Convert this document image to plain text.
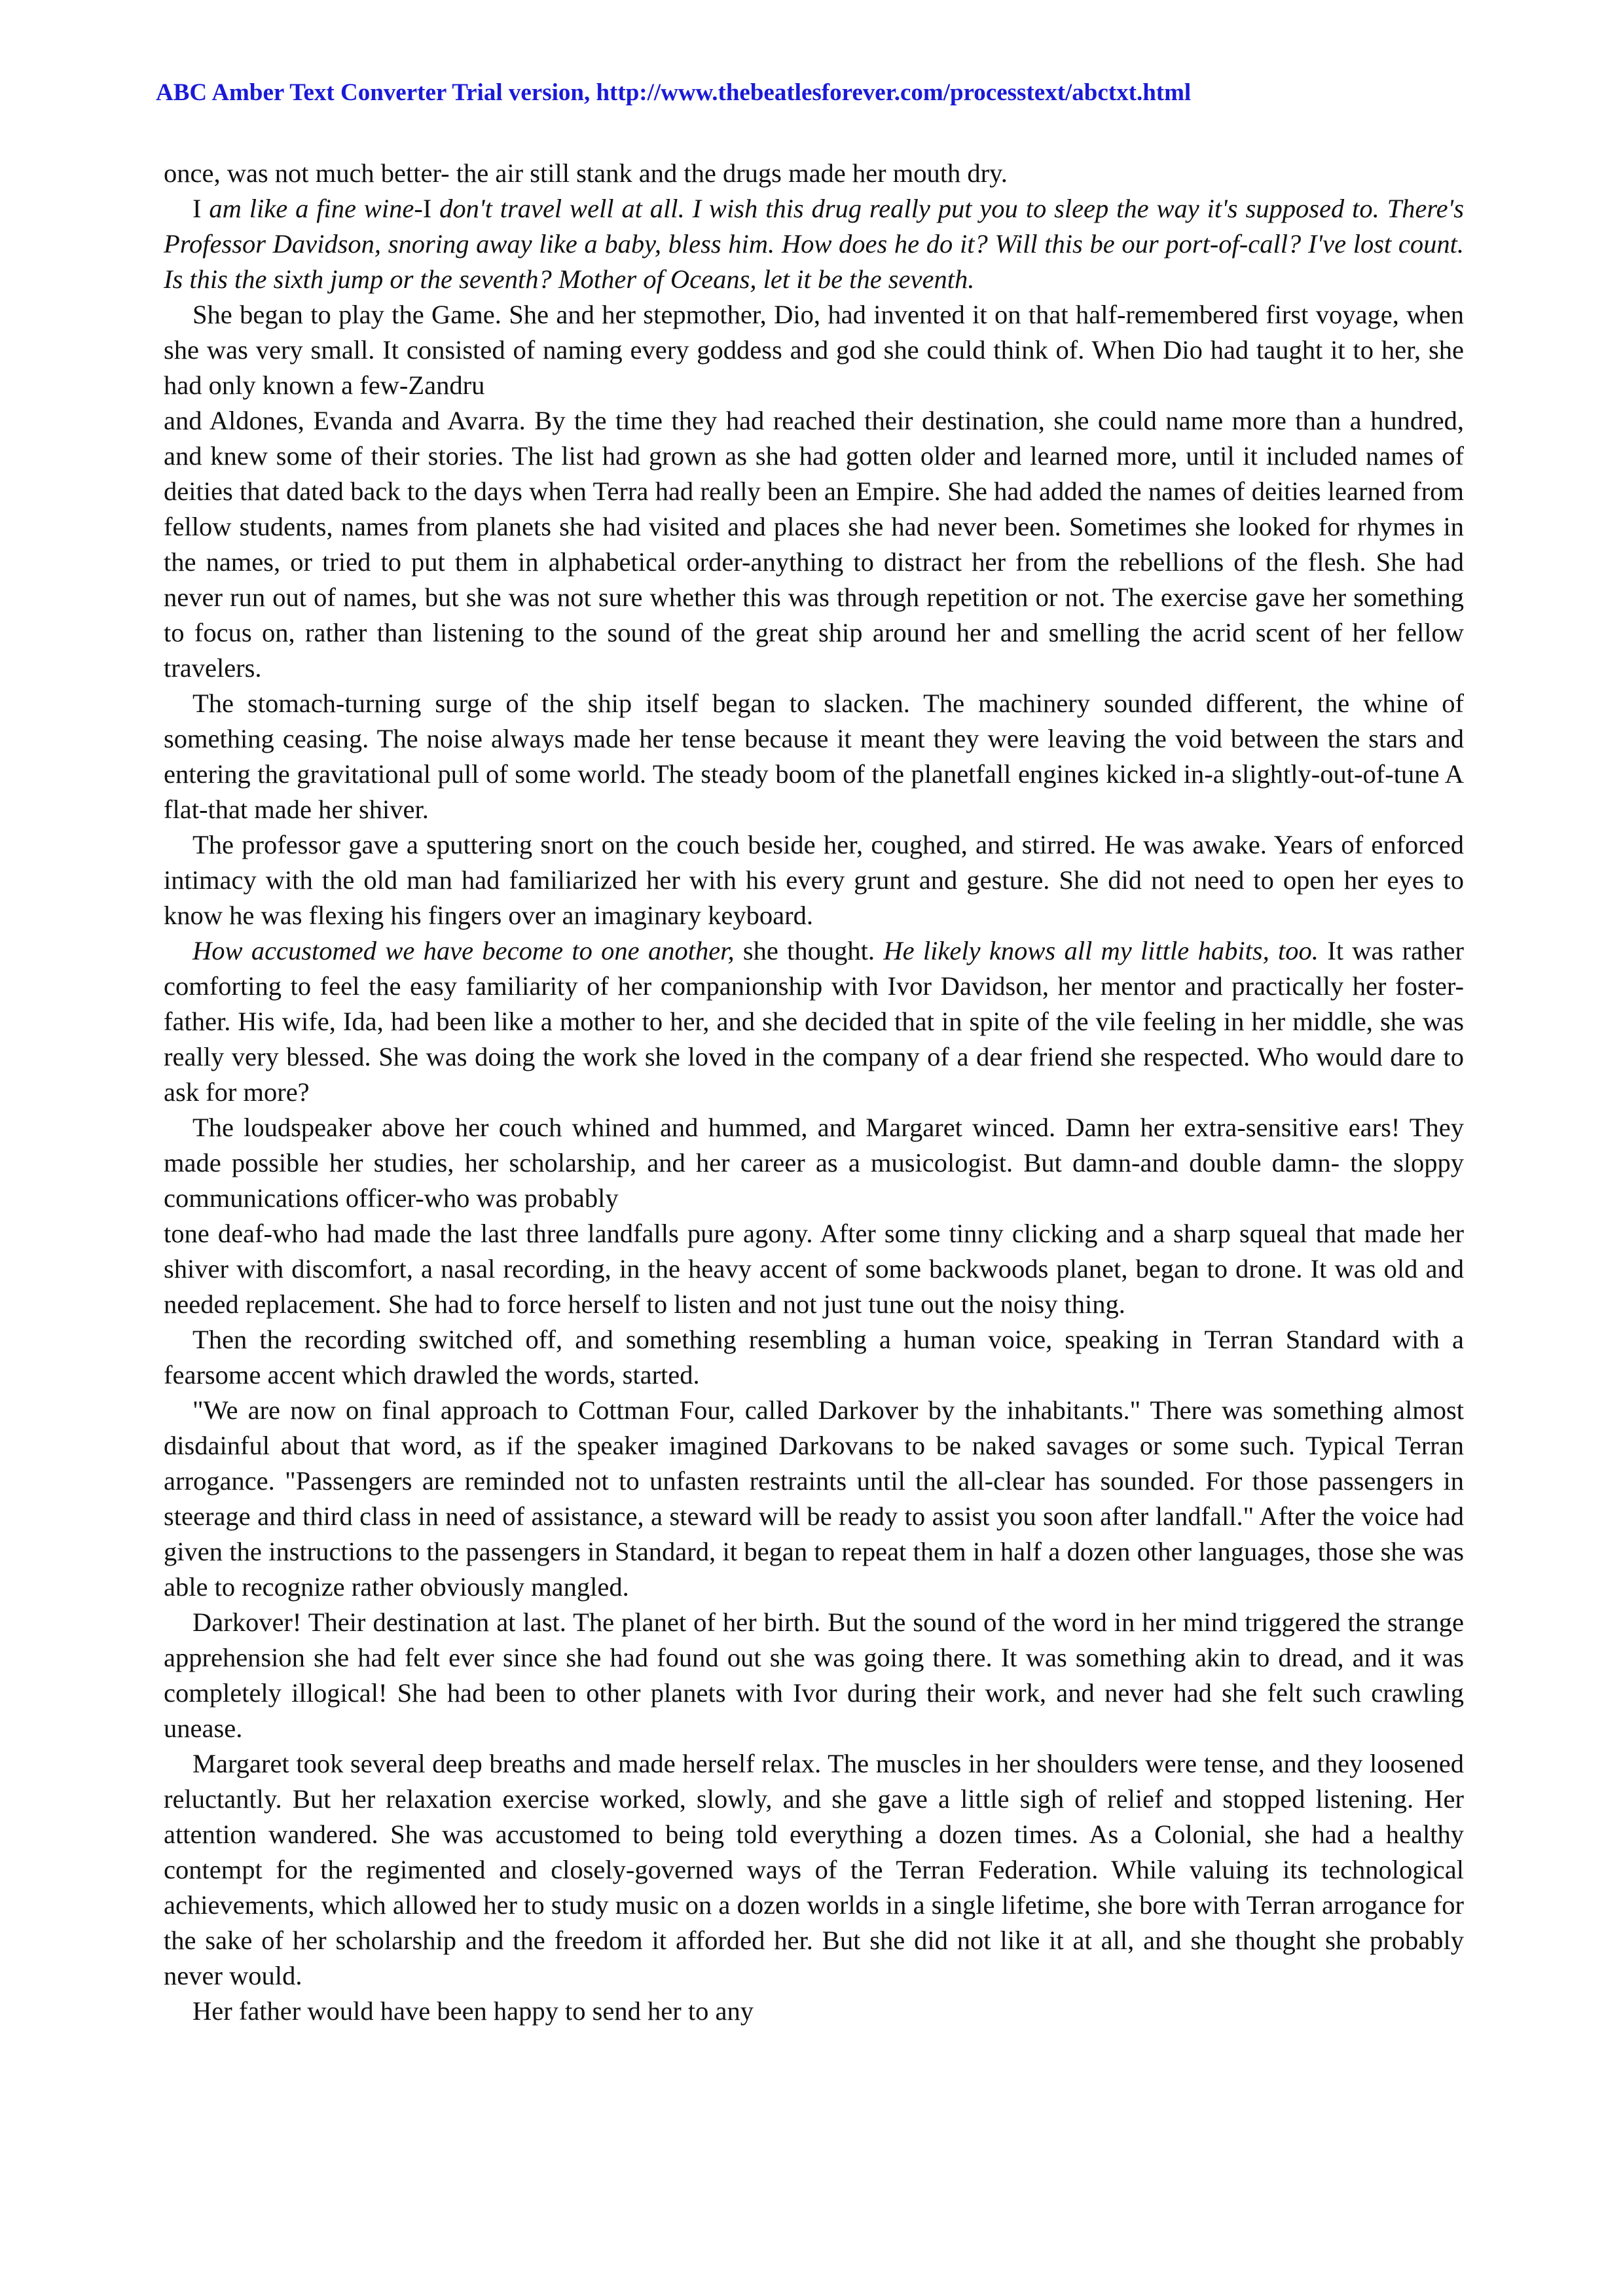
ABC Amber Text Converter Trial version, http://www.thebeatlesforever.com/processtext/abctxt.html

once, was not much better- the air still stank and the drugs made her mouth dry.

I am like a fine wine-I don't travel well at all. I wish this drug really put you to sleep the way it's supposed to. There's Professor Davidson, snoring away like a baby, bless him. How does he do it? Will this be our port-of-call? I've lost count. Is this the sixth jump or the seventh? Mother of Oceans, let it be the seventh.

She began to play the Game. She and her stepmother, Dio, had invented it on that half-remembered first voyage, when she was very small. It consisted of naming every goddess and god she could think of. When Dio had taught it to her, she had only known a few-Zandru

and Aldones, Evanda and Avarra. By the time they had reached their destination, she could name more than a hundred, and knew some of their stories. The list had grown as she had gotten older and learned more, until it included names of deities that dated back to the days when Terra had really been an Empire. She had added the names of deities learned from fellow students, names from planets she had visited and places she had never been. Sometimes she looked for rhymes in the names, or tried to put them in alphabetical order-anything to distract her from the rebellions of the flesh. She had never run out of names, but she was not sure whether this was through repetition or not. The exercise gave her something to focus on, rather than listening to the sound of the great ship around her and smelling the acrid scent of her fellow travelers.

The stomach-turning surge of the ship itself began to slacken. The machinery sounded different, the whine of something ceasing. The noise always made her tense because it meant they were leaving the void between the stars and entering the gravitational pull of some world. The steady boom of the planetfall engines kicked in-a slightly-out-of-tune A flat-that made her shiver.

The professor gave a sputtering snort on the couch beside her, coughed, and stirred. He was awake. Years of enforced intimacy with the old man had familiarized her with his every grunt and gesture. She did not need to open her eyes to know he was flexing his fingers over an imaginary keyboard.

How accustomed we have become to one another, she thought. He likely knows all my little habits, too. It was rather comforting to feel the easy familiarity of her companionship with Ivor Davidson, her mentor and practically her foster-father. His wife, Ida, had been like a mother to her, and she decided that in spite of the vile feeling in her middle, she was really very blessed. She was doing the work she loved in the company of a dear friend she respected. Who would dare to ask for more?

The loudspeaker above her couch whined and hummed, and Margaret winced. Damn her extra-sensitive ears! They made possible her studies, her scholarship, and her career as a musicologist. But damn-and double damn- the sloppy communications officer-who was probably

tone deaf-who had made the last three landfalls pure agony. After some tinny clicking and a sharp squeal that made her shiver with discomfort, a nasal recording, in the heavy accent of some backwoods planet, began to drone. It was old and needed replacement. She had to force herself to listen and not just tune out the noisy thing.

Then the recording switched off, and something resembling a human voice, speaking in Terran Standard with a fearsome accent which drawled the words, started.

"We are now on final approach to Cottman Four, called Darkover by the inhabitants." There was something almost disdainful about that word, as if the speaker imagined Darkovans to be naked savages or some such. Typical Terran arrogance. "Passengers are reminded not to unfasten restraints until the all-clear has sounded. For those passengers in steerage and third class in need of assistance, a steward will be ready to assist you soon after landfall." After the voice had given the instructions to the passengers in Standard, it began to repeat them in half a dozen other languages, those she was able to recognize rather obviously mangled.

Darkover! Their destination at last. The planet of her birth. But the sound of the word in her mind triggered the strange apprehension she had felt ever since she had found out she was going there. It was something akin to dread, and it was completely illogical! She had been to other planets with Ivor during their work, and never had she felt such crawling unease.

Margaret took several deep breaths and made herself relax. The muscles in her shoulders were tense, and they loosened reluctantly. But her relaxation exercise worked, slowly, and she gave a little sigh of relief and stopped listening. Her attention wandered. She was accustomed to being told everything a dozen times. As a Colonial, she had a healthy contempt for the regimented and closely-governed ways of the Terran Federation. While valuing its technological achievements, which allowed her to study music on a dozen worlds in a single lifetime, she bore with Terran arrogance for the sake of her scholarship and the freedom it afforded her. But she did not like it at all, and she thought she probably never would.

Her father would have been happy to send her to any
